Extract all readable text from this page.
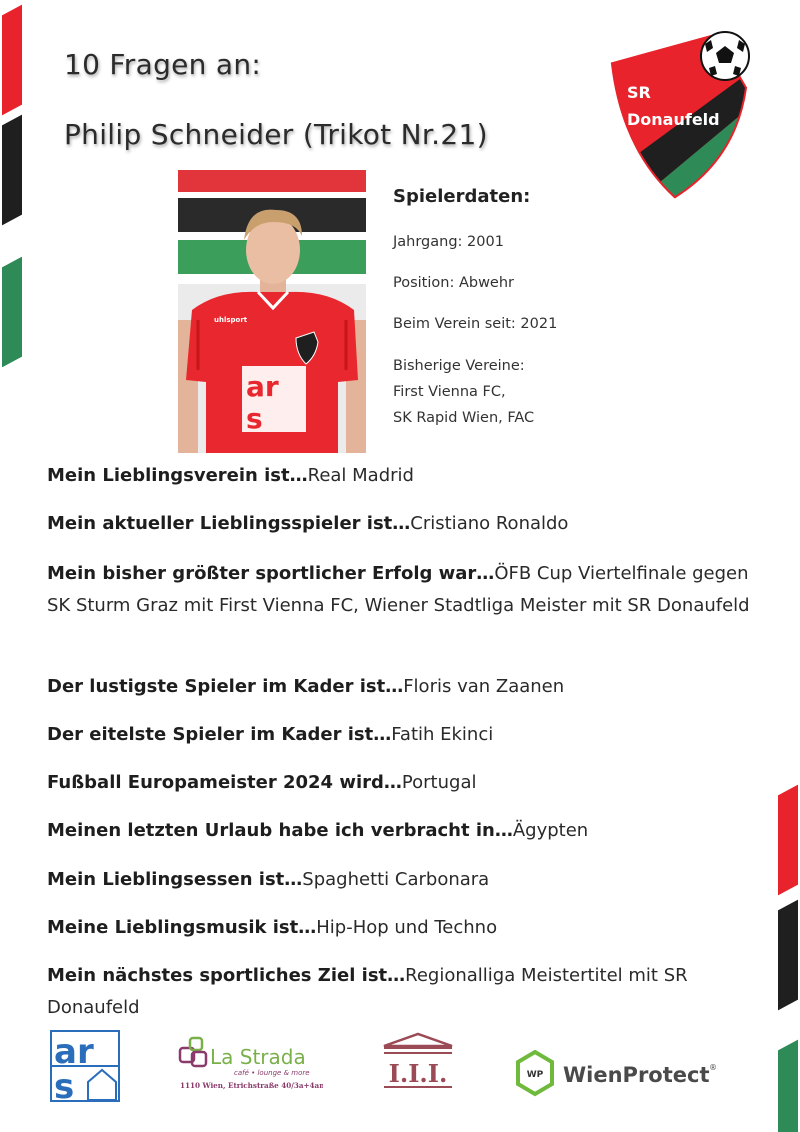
10 Fragen an:
Philip Schneider (Trikot Nr.21)
SR
Donaufeld
uhlsport
ar
s
Spielerdaten:
Jahrgang: 2001
Position: Abwehr
Beim Verein seit: 2021
Bisherige Vereine:
First Vienna FC,
SK Rapid Wien, FAC
Mein Lieblingsverein ist…Real Madrid
Mein aktueller Lieblingsspieler ist…Cristiano Ronaldo
Mein bisher größter sportlicher Erfolg war…ÖFB Cup Viertelfinale gegen SK Sturm Graz mit First Vienna FC, Wiener Stadtliga Meister mit SR Donaufeld
Der lustigste Spieler im Kader ist…Floris van Zaanen
Der eitelste Spieler im Kader ist…Fatih Ekinci
Fußball Europameister 2024 wird…Portugal
Meinen letzten Urlaub habe ich verbracht in…Ägypten
Mein Lieblingsessen ist…Spaghetti Carbonara
Meine Lieblingsmusik ist…Hip-Hop und Techno
Mein nächstes sportliches Ziel ist…Regionalliga Meistertitel mit SR Donaufeld
ar
s
La Strada
café • lounge & more
1110 Wien, Etrichstraße 40/3a+4am	I.I.I.	WP WienProtect ®
